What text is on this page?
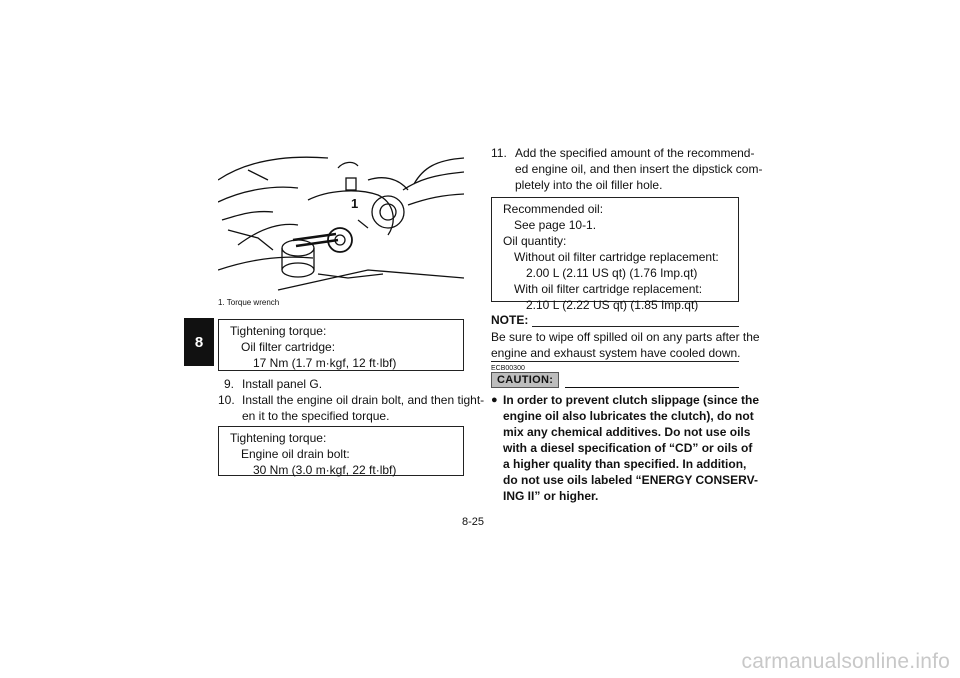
8
1
1. Torque wrench
Tightening torque:
Oil filter cartridge:
17 Nm (1.7 m·kgf, 12 ft·lbf)
9. Install panel G.
10. Install the engine oil drain bolt, and then tight-
en it to the specified torque.
Tightening torque:
Engine oil drain bolt:
30 Nm (3.0 m·kgf, 22 ft·lbf)
11. Add the specified amount of the recommend-
ed engine oil, and then insert the dipstick com-
pletely into the oil filler hole.
Recommended oil:
See page 10-1.
Oil quantity:
Without oil filter cartridge replacement:
2.00 L (2.11 US qt) (1.76 Imp.qt)
With oil filter cartridge replacement:
2.10 L (2.22 US qt) (1.85 Imp.qt)
NOTE:
Be sure to wipe off spilled oil on any parts after the
engine and exhaust system have cooled down.
ECB00300
CAUTION:
● In order to prevent clutch slippage (since the
engine oil also lubricates the clutch), do not
mix any chemical additives. Do not use oils
with a diesel specification of “CD” or oils of
a higher quality than specified. In addition,
do not use oils labeled “ENERGY CONSERV-
ING II” or higher.
8-25
carmanualsonline.info
